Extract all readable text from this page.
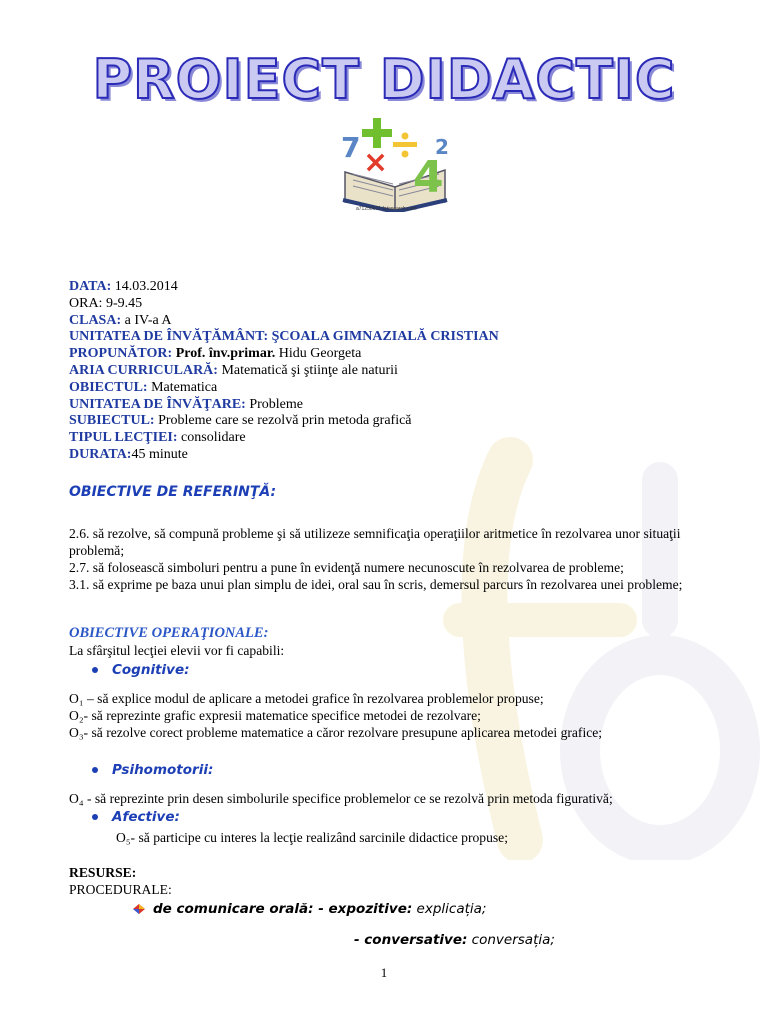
PROIECT DIDACTIC
7 × 4
2
a71256601 fotosearch.com
DATA: 14.03.2014
ORA: 9-9.45
CLASA: a IV-a A
UNITATEA DE ÎNVĂŢĂMÂNT: ŞCOALA GIMNAZIALĂ CRISTIAN
PROPUNĂTOR: Prof. înv.primar. Hidu Georgeta
ARIA CURRICULARĂ: Matematică şi ştiinţe ale naturii
OBIECTUL: Matematica
UNITATEA DE ÎNVĂŢARE: Probleme
SUBIECTUL: Probleme care se rezolvă prin metoda grafică
TIPUL LECŢIEI: consolidare
DURATA:45 minute
OBIECTIVE DE REFERINŢĂ:
2.6. să rezolve, să compună probleme şi să utilizeze semnificaţia operaţiilor aritmetice în rezolvarea unor situaţii problemă;
2.7. să folosească simboluri pentru a pune în evidenţă numere necunoscute în rezolvarea de probleme;
3.1. să exprime pe baza unui plan simplu de idei, oral sau în scris, demersul parcurs în rezolvarea unei probleme;
OBIECTIVE OPERAŢIONALE:
La sfârşitul lecţiei elevii vor fi capabili:
Cognitive:
O₁ – să explice modul de aplicare a metodei grafice în rezolvarea problemelor propuse;
O₂- să reprezinte grafic expresii matematice specifice metodei de rezolvare;
O₃- să rezolve corect probleme matematice a căror rezolvare presupune aplicarea metodei grafice;
Psihomotorii:
O₄ - să reprezinte prin desen simbolurile specifice problemelor ce se rezolvă prin metoda figurativă;
Afective:
O₅- să participe cu interes la lecţie realizând sarcinile didactice propuse;
RESURSE:
PROCEDURALE:
de comunicare orală: - expozitive: explicația;
- conversative: conversația;
1
